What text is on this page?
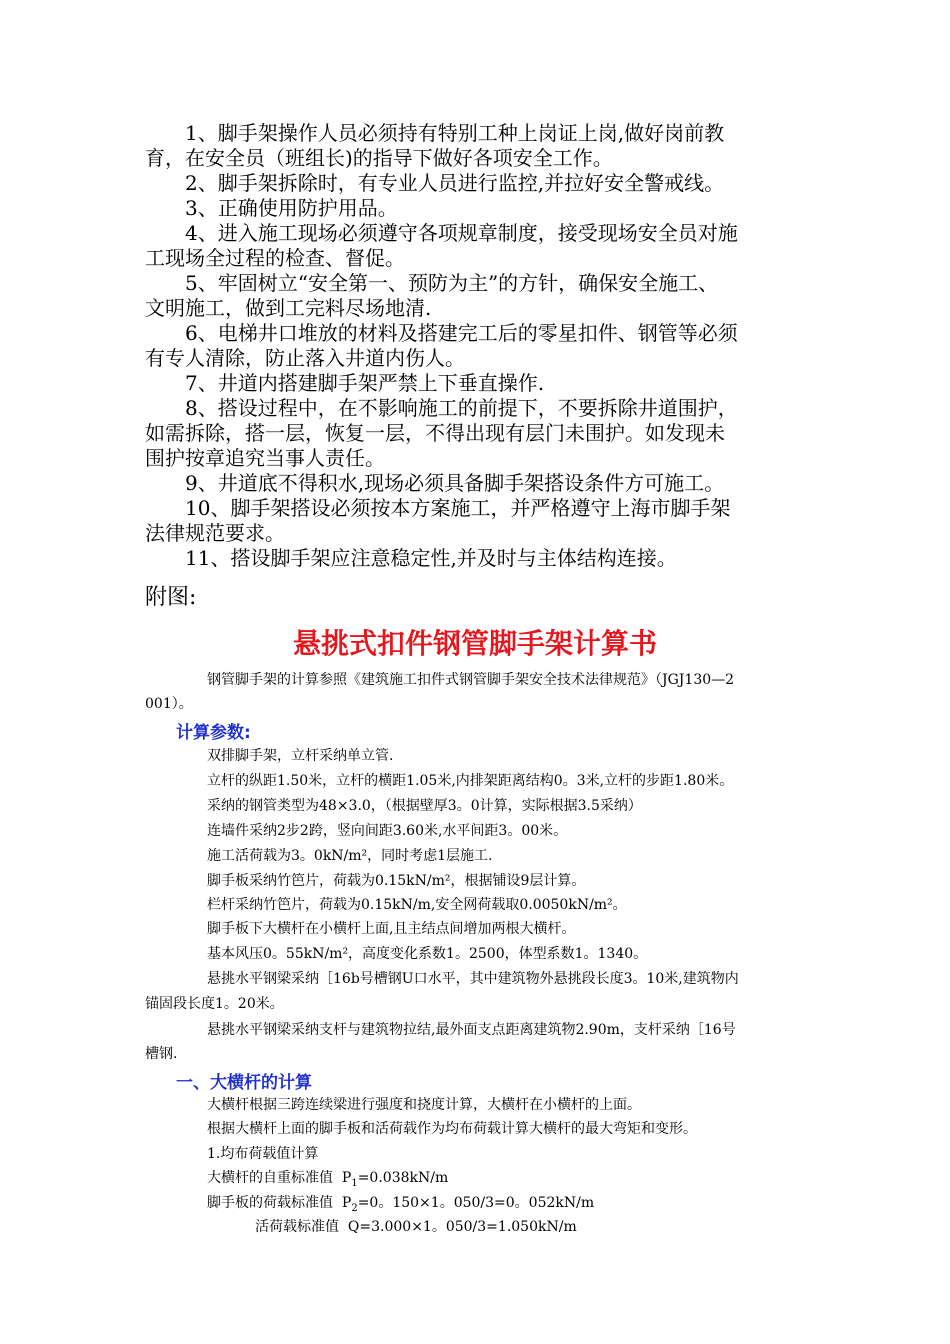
　　1、脚手架操作人员必须持有特别工种上岗证上岗,做好岗前教
育，在安全员（班组长)的指导下做好各项安全工作。
　　2、脚手架拆除时，有专业人员进行监控,并拉好安全警戒线。
　　3、正确使用防护用品。
　　4、进入施工现场必须遵守各项规章制度，接受现场安全员对施
工现场全过程的检查、督促。
　　5、牢固树立“安全第一、预防为主”的方针，确保安全施工、
文明施工，做到工完料尽场地清.
　　6、电梯井口堆放的材料及搭建完工后的零星扣件、钢管等必须
有专人清除，防止落入井道内伤人。
　　7、井道内搭建脚手架严禁上下垂直操作.
　　8、搭设过程中，在不影响施工的前提下，不要拆除井道围护，
如需拆除，搭一层，恢复一层，不得出现有层门未围护。如发现未
围护按章追究当事人责任。
　　9、井道底不得积水,现场必须具备脚手架搭设条件方可施工。
　　10、脚手架搭设必须按本方案施工，并严格遵守上海市脚手架
法律规范要求。
　　11、搭设脚手架应注意稳定性,并及时与主体结构连接。
附图:
悬挑式扣件钢管脚手架计算书
钢管脚手架的计算参照《建筑施工扣件式钢管脚手架安全技术法律规范》（JGJ130—2
001）。
计算参数:
双排脚手架，立杆采纳单立管.
立杆的纵距1.50米，立杆的横距1.05米,内排架距离结构0。3米,立杆的步距1.80米。
采纳的钢管类型为48×3.0，（根据壁厚3。0计算，实际根据3.5采纳）
连墙件采纳2步2跨，竖向间距3.60米,水平间距3。00米。
施工活荷载为3。0kN/m²，同时考虑1层施工.
脚手板采纳竹笆片，荷载为0.15kN/m²，根据铺设9层计算。
栏杆采纳竹笆片，荷载为0.15kN/m,安全网荷载取0.0050kN/m²。
脚手板下大横杆在小横杆上面,且主结点间增加两根大横杆。
基本风压0。55kN/m²，高度变化系数1。2500，体型系数1。1340。
悬挑水平钢梁采纳［16b号槽钢U口水平，其中建筑物外悬挑段长度3。10米,建筑物内
锚固段长度1。20米。
悬挑水平钢梁采纳支杆与建筑物拉结,最外面支点距离建筑物2.90m，支杆采纳［16号
槽钢.
一、大横杆的计算
大横杆根据三跨连续梁进行强度和挠度计算，大横杆在小横杆的上面。
根据大横杆上面的脚手板和活荷载作为均布荷载计算大横杆的最大弯矩和变形。
1.均布荷载值计算
大横杆的自重标准值 $P_1=0.038kN/m$
脚手板的荷载标准值 $P_2=0$。150×1。050/3=0。052kN/m
活荷载标准值 Q=3.000×1。050/3=1.050kN/m
